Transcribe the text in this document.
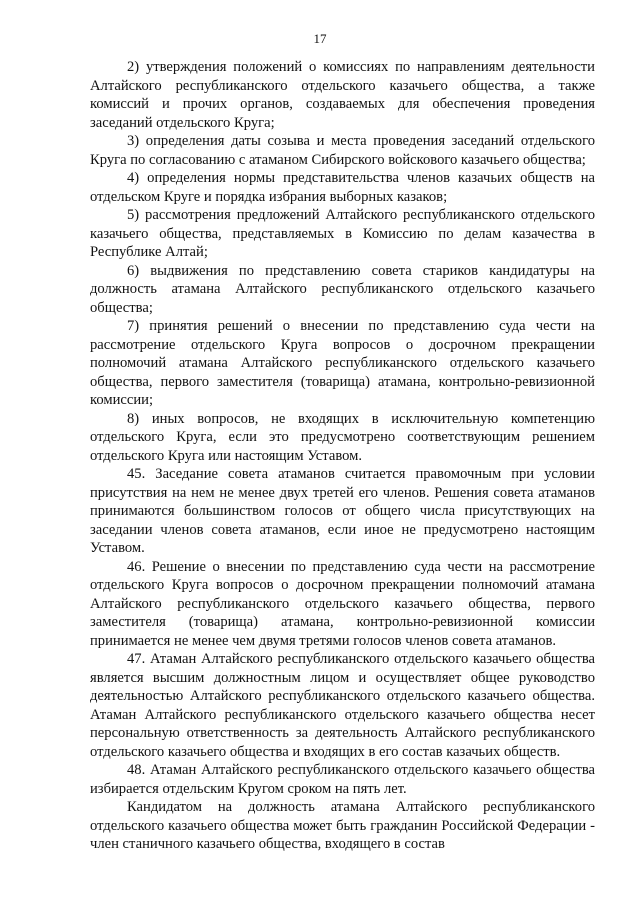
17

2) утверждения положений о комиссиях по направлениям деятельности Алтайского республиканского отдельского казачьего общества, а также комиссий и прочих органов, создаваемых для обеспечения проведения заседаний отдельского Круга;

3) определения даты созыва и места проведения заседаний отдельского Круга по согласованию с атаманом Сибирского войскового казачьего общества;

4) определения нормы представительства членов казачьих обществ на отдельском Круге и порядка избрания выборных казаков;

5) рассмотрения предложений Алтайского республиканского отдельского казачьего общества, представляемых в Комиссию по делам казачества в Республике Алтай;

6) выдвижения по представлению совета стариков кандидатуры на должность атамана Алтайского республиканского отдельского казачьего общества;

7) принятия решений о внесении по представлению суда чести на рассмотрение отдельского Круга вопросов о досрочном прекращении полномочий атамана Алтайского республиканского отдельского казачьего общества, первого заместителя (товарища) атамана, контрольно-ревизионной комиссии;

8) иных вопросов, не входящих в исключительную компетенцию отдельского Круга, если это предусмотрено соответствующим решением отдельского Круга или настоящим Уставом.

45. Заседание совета атаманов считается правомочным при условии присутствия на нем не менее двух третей его членов. Решения совета атаманов принимаются большинством голосов от общего числа присутствующих на заседании членов совета атаманов, если иное не предусмотрено настоящим Уставом.

46. Решение о внесении по представлению суда чести на рассмотрение отдельского Круга вопросов о досрочном прекращении полномочий атамана Алтайского республиканского отдельского казачьего общества, первого заместителя (товарища) атамана, контрольно-ревизионной комиссии принимается не менее чем двумя третями голосов членов совета атаманов.

47. Атаман Алтайского республиканского отдельского казачьего общества является высшим должностным лицом и осуществляет общее руководство деятельностью Алтайского республиканского отдельского казачьего общества. Атаман Алтайского республиканского отдельского казачьего общества несет персональную ответственность за деятельность Алтайского республиканского отдельского казачьего общества и входящих в его состав казачьих обществ.

48. Атаман Алтайского республиканского отдельского казачьего общества избирается отдельским Кругом сроком на пять лет.

Кандидатом на должность атамана Алтайского республиканского отдельского казачьего общества может быть гражданин Российской Федерации - член станичного казачьего общества, входящего в состав
